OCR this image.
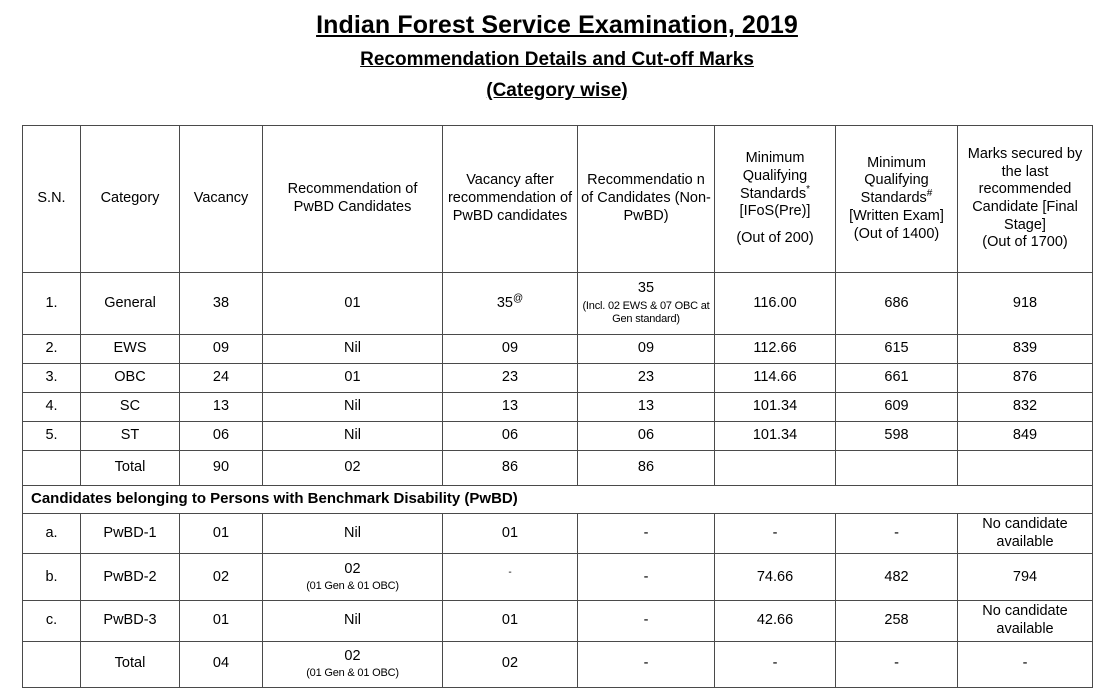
Indian Forest Service Examination, 2019
Recommendation Details and Cut-off Marks
(Category wise)
S.N.	Category	Vacancy	Recommendation of PwBD Candidates	Vacancy after recommendation of PwBD candidates	Recommendatio n of Candidates (Non-PwBD)	Minimum
Qualifying
Standards*
[IFoS(Pre)]
(Out of 200)	Minimum
Qualifying
Standards#
[Written Exam]
(Out of 1400)	Marks secured by the last recommended Candidate [Final Stage]
(Out of 1700)
1.	General	38	01	35@	35
(Incl. 02 EWS & 07 OBC at Gen standard)	116.00	686	918
2.	EWS	09	Nil	09	09	112.66	615	839
3.	OBC	24	01	23	23	114.66	661	876
4.	SC	13	Nil	13	13	101.34	609	832
5.	ST	06	Nil	06	06	101.34	598	849
	Total	90	02	86	86			
Candidates belonging to Persons with Benchmark Disability (PwBD)								
a.	PwBD-1	01	Nil	01	-	-	-	No candidate available
b.	PwBD-2	02	02
(01 Gen & 01 OBC)	-	-	74.66	482	794
c.	PwBD-3	01	Nil	01	-	42.66	258	No candidate available
	Total	04	02
(01 Gen & 01 OBC)	02	-	-	-	-
